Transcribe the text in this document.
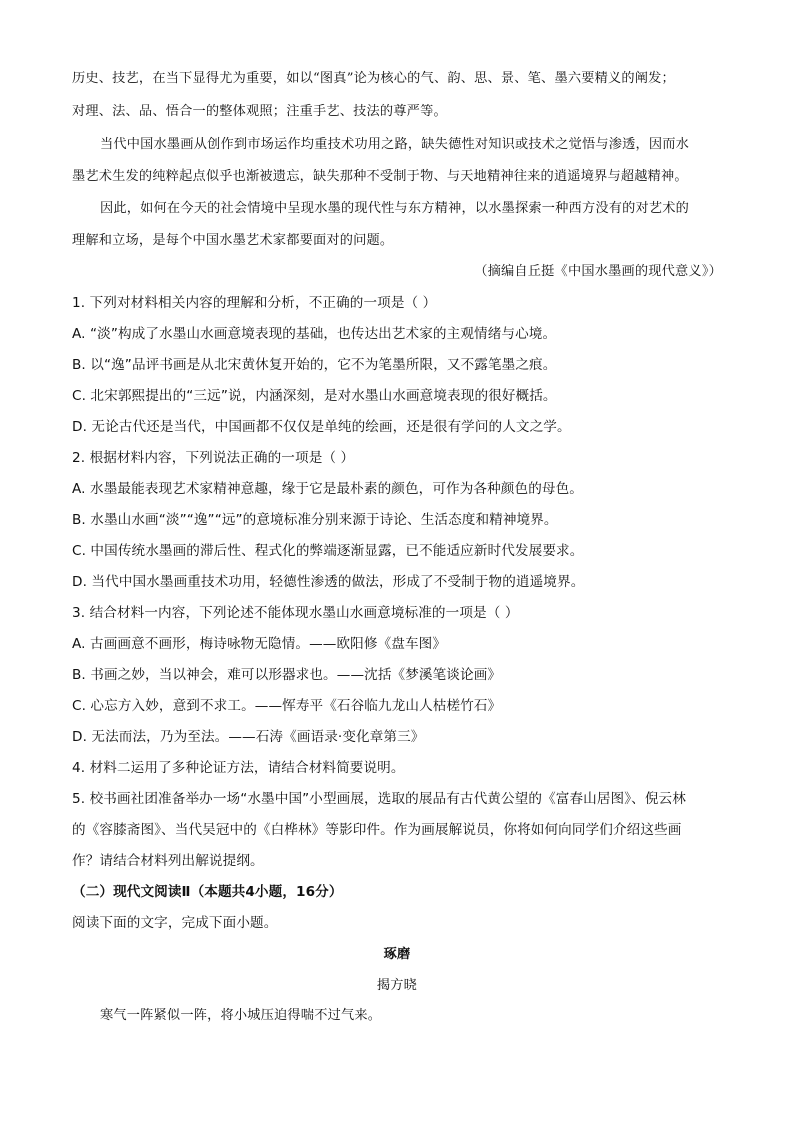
历史、技艺，在当下显得尤为重要，如以“图真”论为核心的气、韵、思、景、笔、墨六要精义的阐发；
对理、法、品、悟合一的整体观照；注重手艺、技法的尊严等。
当代中国水墨画从创作到市场运作均重技术功用之路，缺失德性对知识或技术之觉悟与渗透，因而水
墨艺术生发的纯粹起点似乎也渐被遗忘，缺失那种不受制于物、与天地精神往来的逍遥境界与超越精神。
因此，如何在今天的社会情境中呈现水墨的现代性与东方精神，以水墨探索一种西方没有的对艺术的
理解和立场，是每个中国水墨艺术家都要面对的问题。
（摘编自丘挺《中国水墨画的现代意义》）
1. 下列对材料相关内容的理解和分析，不正确的一项是（ ）
A. “淡”构成了水墨山水画意境表现的基础，也传达出艺术家的主观情绪与心境。
B. 以“逸”品评书画是从北宋黄休复开始的，它不为笔墨所限，又不露笔墨之痕。
C. 北宋郭熙提出的“三远”说，内涵深刻，是对水墨山水画意境表现的很好概括。
D. 无论古代还是当代，中国画都不仅仅是单纯的绘画，还是很有学问的人文之学。
2. 根据材料内容，下列说法正确的一项是（ ）
A. 水墨最能表现艺术家精神意趣，缘于它是最朴素的颜色，可作为各种颜色的母色。
B. 水墨山水画“淡”“逸”“远”的意境标准分别来源于诗论、生活态度和精神境界。
C. 中国传统水墨画的滞后性、程式化的弊端逐渐显露，已不能适应新时代发展要求。
D. 当代中国水墨画重技术功用，轻德性渗透的做法，形成了不受制于物的逍遥境界。
3. 结合材料一内容，下列论述不能体现水墨山水画意境标准的一项是（ ）
A. 古画画意不画形，梅诗咏物无隐情。——欧阳修《盘车图》
B. 书画之妙，当以神会，难可以形器求也。——沈括《梦溪笔谈论画》
C. 心忘方入妙，意到不求工。——恽寿平《石谷临九龙山人枯槎竹石》
D. 无法而法，乃为至法。——石涛《画语录·变化章第三》
4. 材料二运用了多种论证方法，请结合材料简要说明。
5. 校书画社团准备举办一场“水墨中国”小型画展，选取的展品有古代黄公望的《富春山居图》、倪云林
的《容膝斋图》、当代吴冠中的《白桦林》等影印件。作为画展解说员，你将如何向同学们介绍这些画
作？请结合材料列出解说提纲。
（二）现代文阅读Ⅱ（本题共4小题，16分）
阅读下面的文字，完成下面小题。
琢磨
揭方晓
寒气一阵紧似一阵，将小城压迫得喘不过气来。
